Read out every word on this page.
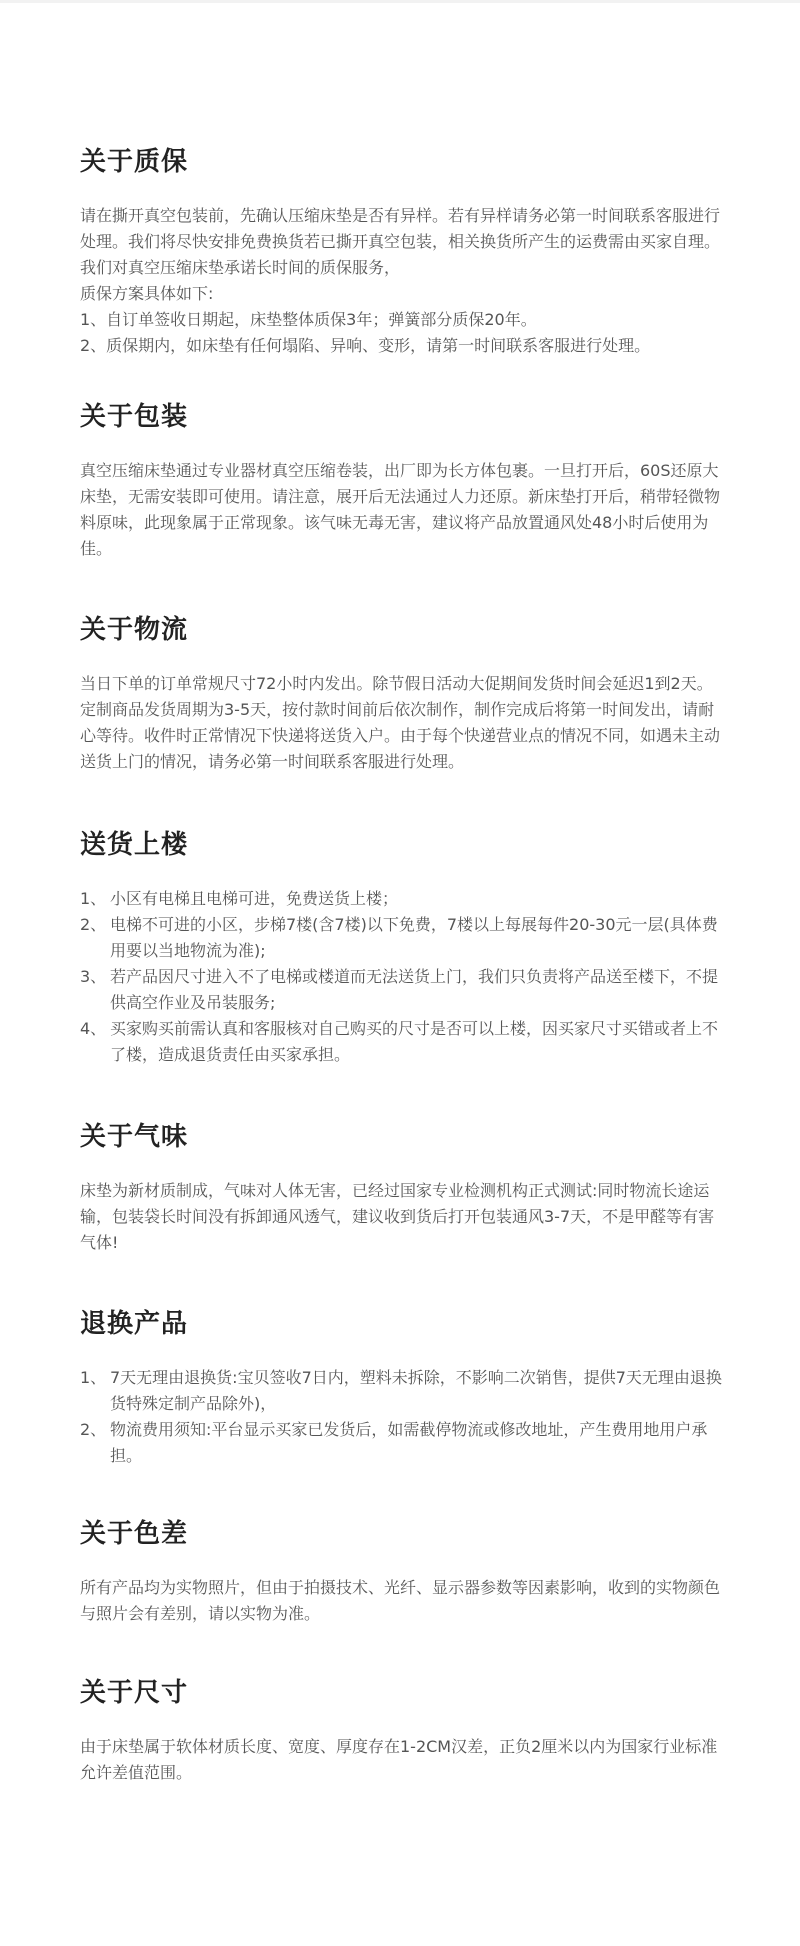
关于质保

请在撕开真空包装前，先确认压缩床垫是否有异样。若有异样请务必第一时间联系客服进行处理。我们将尽快安排免费换货若已撕开真空包装，相关换货所产生的运费需由买家自理。我们对真空压缩床垫承诺长时间的质保服务，

质保方案具体如下:

1、自订单签收日期起，床垫整体质保3年；弹簧部分质保20年。

2、质保期内，如床垫有任何塌陷、异响、变形，请第一时间联系客服进行处理。

关于包装

真空压缩床垫通过专业器材真空压缩卷装，出厂即为长方体包裹。一旦打开后，60S还原大床垫，无需安装即可使用。请注意，展开后无法通过人力还原。新床垫打开后，稍带轻微物料原味，此现象属于正常现象。该气味无毒无害，建议将产品放置通风处48小时后使用为佳。

关于物流

当日下单的订单常规尺寸72小时内发出。除节假日活动大促期间发货时间会延迟1到2天。定制商品发货周期为3-5天，按付款时间前后依次制作，制作完成后将第一时间发出，请耐心等待。收件时正常情况下快递将送货入户。由于每个快递营业点的情况不同，如遇未主动送货上门的情况，请务必第一时间联系客服进行处理。

送货上楼
1、 小区有电梯且电梯可进，免费送货上楼；
2、 电梯不可进的小区，步梯7楼(含7楼)以下免费，7楼以上每展每件20-30元一层(具体费用要以当地物流为准);
3、 若产品因尺寸进入不了电梯或楼道而无法送货上门，我们只负责将产品送至楼下，不提供高空作业及吊装服务;
4、 买家购买前需认真和客服核对自己购买的尺寸是否可以上楼，因买家尺寸买错或者上不了楼，造成退货责任由买家承担。
关于气味

床垫为新材质制成，气味对人体无害，已经过国家专业检测机构正式测试:同时物流长途运输，包装袋长时间没有拆卸通风透气，建议收到货后打开包装通风3-7天，不是甲醛等有害气体!

退换产品
1、 7天无理由退换货:宝贝签收7日内，塑料未拆除，不影响二次销售，提供7天无理由退换货特殊定制产品除外)，
2、 物流费用须知:平台显示买家已发货后，如需截停物流或修改地址，产生费用地用户承担。
关于色差

所有产品均为实物照片，但由于拍摄技术、光纤、显示器参数等因素影响，收到的实物颜色与照片会有差别，请以实物为准。

关于尺寸

由于床垫属于软体材质长度、宽度、厚度存在1-2CM汉差，正负2厘米以内为国家行业标准允许差值范围。
